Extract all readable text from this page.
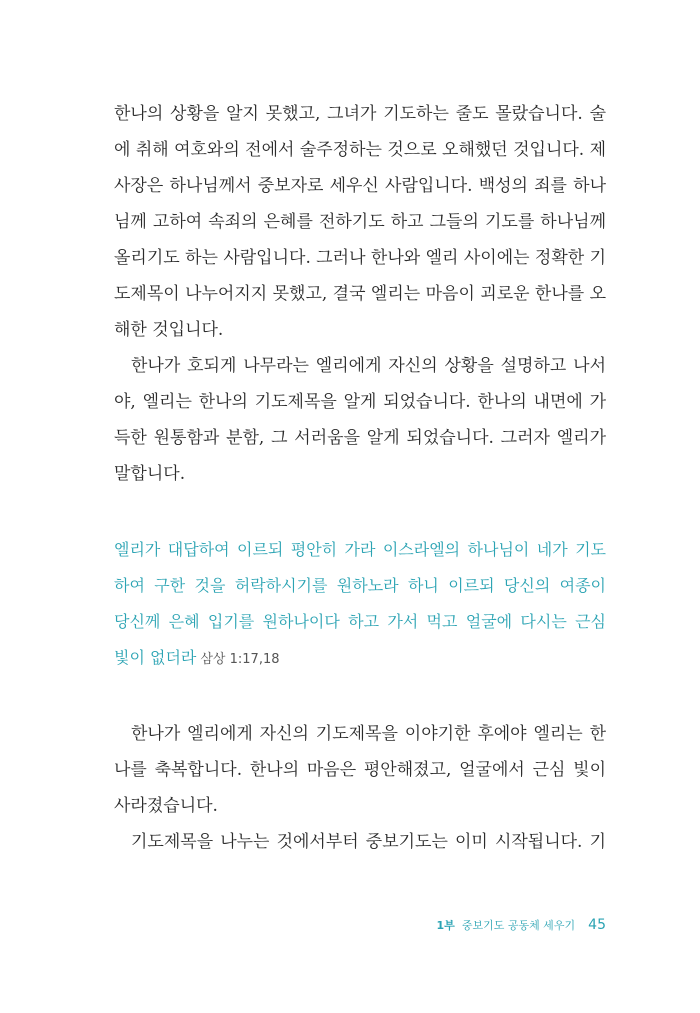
한나의 상황을 알지 못했고, 그녀가 기도하는 줄도 몰랐습니다. 술
에 취해 여호와의 전에서 술주정하는 것으로 오해했던 것입니다. 제
사장은 하나님께서 중보자로 세우신 사람입니다. 백성의 죄를 하나
님께 고하여 속죄의 은혜를 전하기도 하고 그들의 기도를 하나님께
올리기도 하는 사람입니다. 그러나 한나와 엘리 사이에는 정확한 기
도제목이 나누어지지 못했고, 결국 엘리는 마음이 괴로운 한나를 오
해한 것입니다.
한나가 호되게 나무라는 엘리에게 자신의 상황을 설명하고 나서
야, 엘리는 한나의 기도제목을 알게 되었습니다. 한나의 내면에 가
득한 원통함과 분함, 그 서러움을 알게 되었습니다. 그러자 엘리가
말합니다.
엘리가 대답하여 이르되 평안히 가라 이스라엘의 하나님이 네가 기도
하여 구한 것을 허락하시기를 원하노라 하니 이르되 당신의 여종이
당신께 은혜 입기를 원하나이다 하고 가서 먹고 얼굴에 다시는 근심
빛이 없더라 삼상 1:17,18
한나가 엘리에게 자신의 기도제목을 이야기한 후에야 엘리는 한
나를 축복합니다. 한나의 마음은 평안해졌고, 얼굴에서 근심 빛이
사라졌습니다.
기도제목을 나누는 것에서부터 중보기도는 이미 시작됩니다. 기
1부 중보기도 공동체 세우기 45
